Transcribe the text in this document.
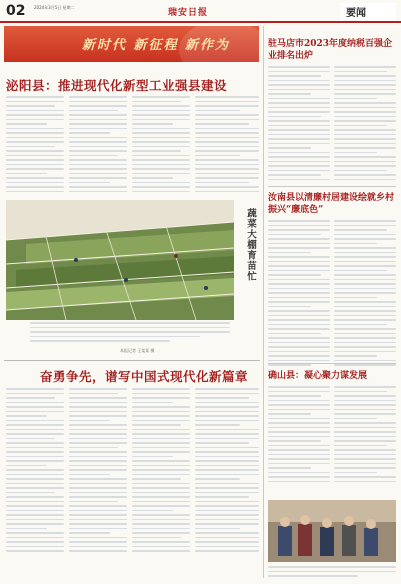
02 2024年3月5日 星期二
瑞安日报	要闻
新时代 新征程 新作为
泌阳县：推进现代化新型工业强县建设
蔬菜大棚育苗忙
本报记者 王某某 摄
奋勇争先，谱写中国式现代化新篇章
驻马店市2023年度纳税百强企业排名出炉
汝南县以清廉村居建设绘就乡村振兴“廉底色”
确山县：凝心聚力谋发展
